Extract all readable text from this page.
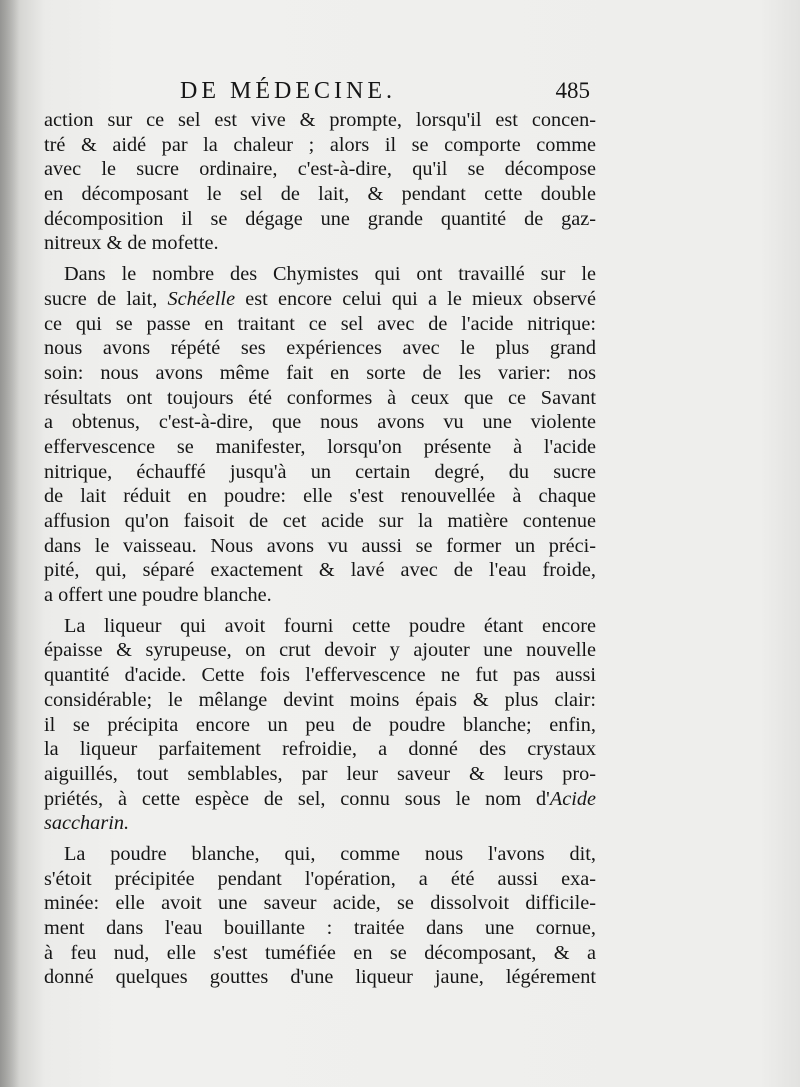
DE MÉDECINE.	485
action sur ce sel est vive & prompte, lorsqu'il est concen-
tré & aidé par la chaleur ; alors il se comporte comme
avec le sucre ordinaire, c'est-à-dire, qu'il se décompose
en décomposant le sel de lait, & pendant cette double
décomposition il se dégage une grande quantité de gaz-
nitreux & de mofette.
Dans le nombre des Chymistes qui ont travaillé sur le
sucre de lait, Schéelle est encore celui qui a le mieux observé
ce qui se passe en traitant ce sel avec de l'acide nitrique:
nous avons répété ses expériences avec le plus grand
soin: nous avons même fait en sorte de les varier: nos
résultats ont toujours été conformes à ceux que ce Savant
a obtenus, c'est-à-dire, que nous avons vu une violente
effervescence se manifester, lorsqu'on présente à l'acide
nitrique, échauffé jusqu'à un certain degré, du sucre
de lait réduit en poudre: elle s'est renouvellée à chaque
affusion qu'on faisoit de cet acide sur la matière contenue
dans le vaisseau. Nous avons vu aussi se former un préci-
pité, qui, séparé exactement & lavé avec de l'eau froide,
a offert une poudre blanche.
La liqueur qui avoit fourni cette poudre étant encore
épaisse & syrupeuse, on crut devoir y ajouter une nouvelle
quantité d'acide. Cette fois l'effervescence ne fut pas aussi
considérable; le mêlange devint moins épais & plus clair:
il se précipita encore un peu de poudre blanche; enfin,
la liqueur parfaitement refroidie, a donné des crystaux
aiguillés, tout semblables, par leur saveur & leurs pro-
priétés, à cette espèce de sel, connu sous le nom d'Acide
saccharin.
La poudre blanche, qui, comme nous l'avons dit,
s'étoit précipitée pendant l'opération, a été aussi exa-
minée: elle avoit une saveur acide, se dissolvoit difficile-
ment dans l'eau bouillante : traitée dans une cornue,
à feu nud, elle s'est tuméfiée en se décomposant, & a
donné quelques gouttes d'une liqueur jaune, légérement
